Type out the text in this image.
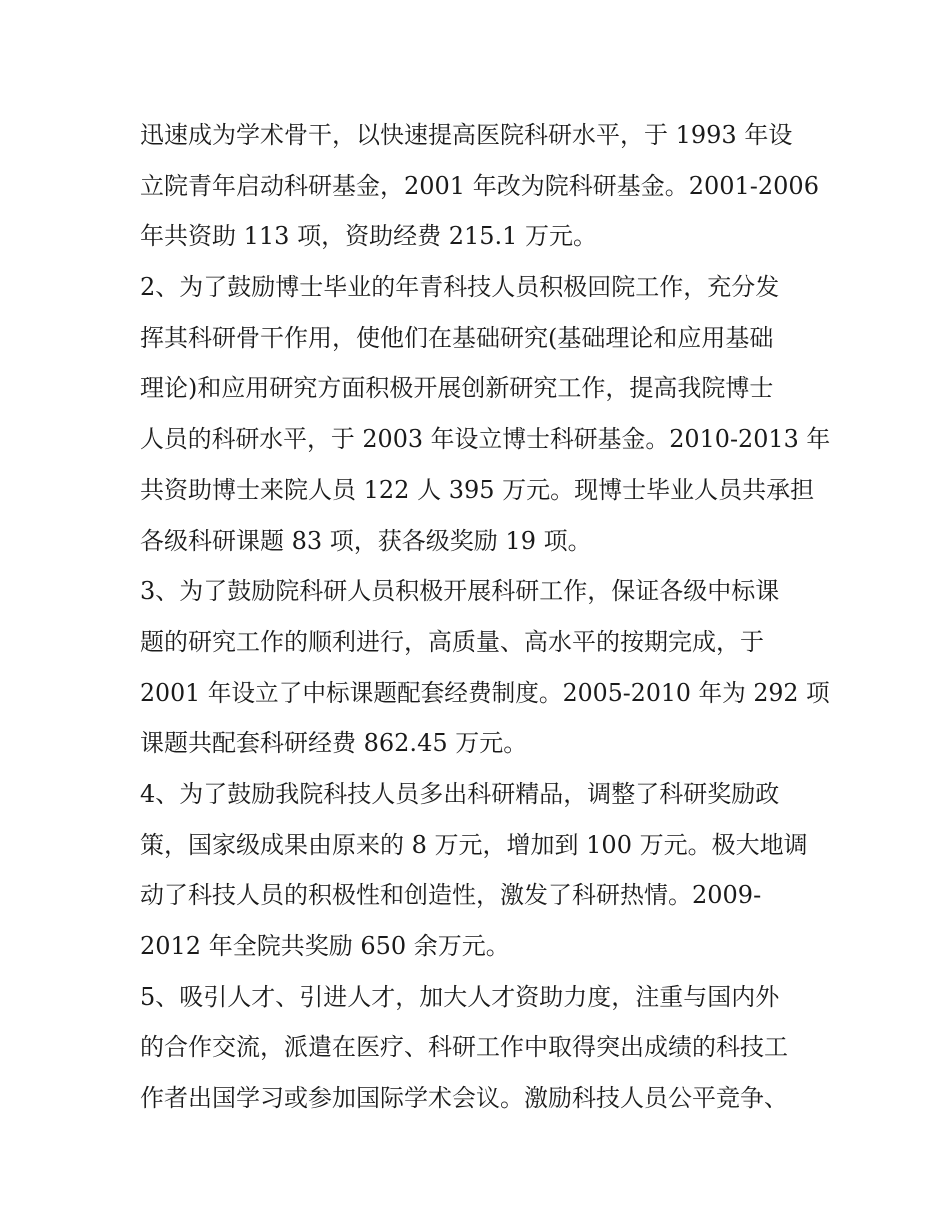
迅速成为学术骨干，以快速提高医院科研水平，于 1993 年设
立院青年启动科研基金，2001 年改为院科研基金。2001-2006
年共资助 113 项，资助经费 215.1 万元。
2、为了鼓励博士毕业的年青科技人员积极回院工作，充分发
挥其科研骨干作用，使他们在基础研究(基础理论和应用基础
理论)和应用研究方面积极开展创新研究工作，提高我院博士
人员的科研水平，于 2003 年设立博士科研基金。2010-2013 年
共资助博士来院人员 122 人 395 万元。现博士毕业人员共承担
各级科研课题 83 项，获各级奖励 19 项。
3、为了鼓励院科研人员积极开展科研工作，保证各级中标课
题的研究工作的顺利进行，高质量、高水平的按期完成，于
2001 年设立了中标课题配套经费制度。2005-2010 年为 292 项
课题共配套科研经费 862.45 万元。
4、为了鼓励我院科技人员多出科研精品，调整了科研奖励政
策，国家级成果由原来的 8 万元，增加到 100 万元。极大地调
动了科技人员的积极性和创造性，激发了科研热情。2009-
2012 年全院共奖励 650 余万元。
5、吸引人才、引进人才，加大人才资助力度，注重与国内外
的合作交流，派遣在医疗、科研工作中取得突出成绩的科技工
作者出国学习或参加国际学术会议。激励科技人员公平竞争、
